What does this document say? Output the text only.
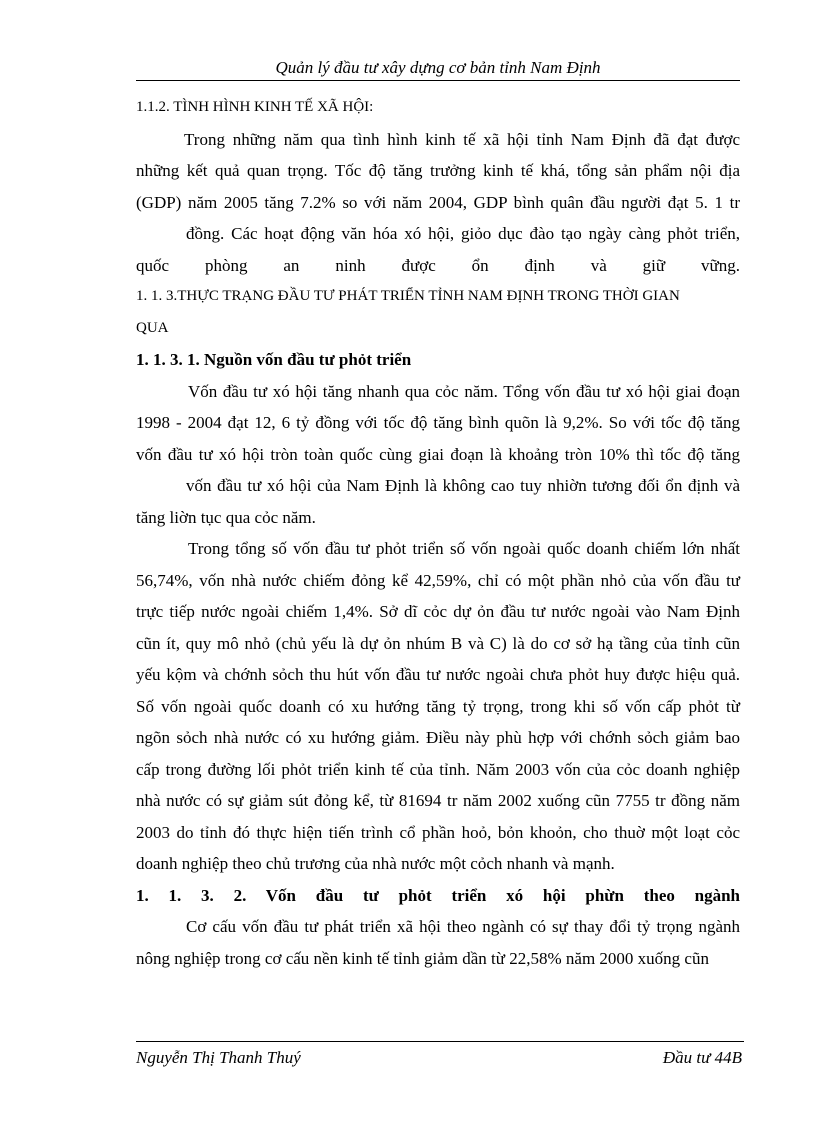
Quản lý đầu tư xây dựng cơ bản tỉnh Nam Định
1.1.2. TÌNH HÌNH KINH TẾ XÃ HỘI:
Trong những năm qua tình hình kinh tế xã hội tỉnh Nam Định đã đạt được
những kết quả quan trọng. Tốc độ tăng trưởng kinh tế khá, tổng sản phẩm nội địa
(GDP) năm 2005 tăng 7.2% so với năm 2004, GDP bình quân đầu người đạt 5. 1 tr
đồng. Các hoạt động văn hóa xó hội, giỏo dục đào tạo ngày càng phỏt triển,
quốc phòng an ninh được ổn định và giữ vững.
1. 1. 3.THỰC TRẠNG ĐẦU TƯ PHÁT TRIỂN TỈNH NAM ĐỊNH TRONG THỜI GIAN
QUA
1. 1. 3. 1. Nguồn vốn đầu tư phỏt triển
Vốn đầu tư xó hội tăng nhanh qua cỏc năm. Tổng vốn đầu tư xó hội giai đoạn
1998 - 2004 đạt 12, 6 tỷ đồng với tốc độ tăng bình quõn là 9,2%. So với tốc độ tăng
vốn đầu tư xó hội tròn toàn quốc cùng giai đoạn là khoảng tròn 10% thì tốc độ tăng
vốn đầu tư xó hội của Nam Định là không cao tuy nhiờn tương đối ổn định và
tăng liờn tục qua cỏc năm.
Trong tổng số vốn đầu tư phỏt triển số vốn ngoài quốc doanh chiếm lớn nhất
56,74%, vốn nhà nước chiếm đỏng kể 42,59%, chỉ có một phần nhỏ của vốn đầu tư
trực tiếp nước ngoài chiếm 1,4%. Sở dĩ cỏc dự ỏn đầu tư nước ngoài vào Nam Định
cũn ít, quy mô nhỏ (chủ yếu là dự ỏn nhúm B và C) là do cơ sở hạ tầng của tỉnh cũn
yếu kộm và chớnh sỏch thu hút vốn đầu tư nước ngoài chưa phỏt huy được hiệu quả.
Số vốn ngoài quốc doanh có xu hướng tăng tỷ trọng, trong khi số vốn cấp phỏt từ
ngõn sỏch nhà nước có xu hướng giảm. Điều này phù hợp với chớnh sỏch giảm bao
cấp trong đường lối phỏt triển kinh tế của tỉnh. Năm 2003 vốn của cỏc doanh nghiệp
nhà nước có sự giảm sút đỏng kể, từ 81694 tr năm 2002 xuống cũn 7755 tr đồng năm
2003 do tỉnh đó thực hiện tiến trình cổ phần hoỏ, bỏn khoỏn, cho thuờ một loạt cỏc
doanh nghiệp theo chủ trương của nhà nước một cỏch nhanh và mạnh.
1. 1. 3. 2. Vốn đầu tư phỏt triển xó hội phừn theo ngành
Cơ cấu vốn đầu tư phát triển xã hội theo ngành có sự thay đổi tỷ trọng ngành
nông nghiệp trong cơ cấu nền kinh tế tỉnh giảm dần từ 22,58% năm 2000 xuống cũn
Nguyễn Thị Thanh Thuý	Đầu tư 44B
